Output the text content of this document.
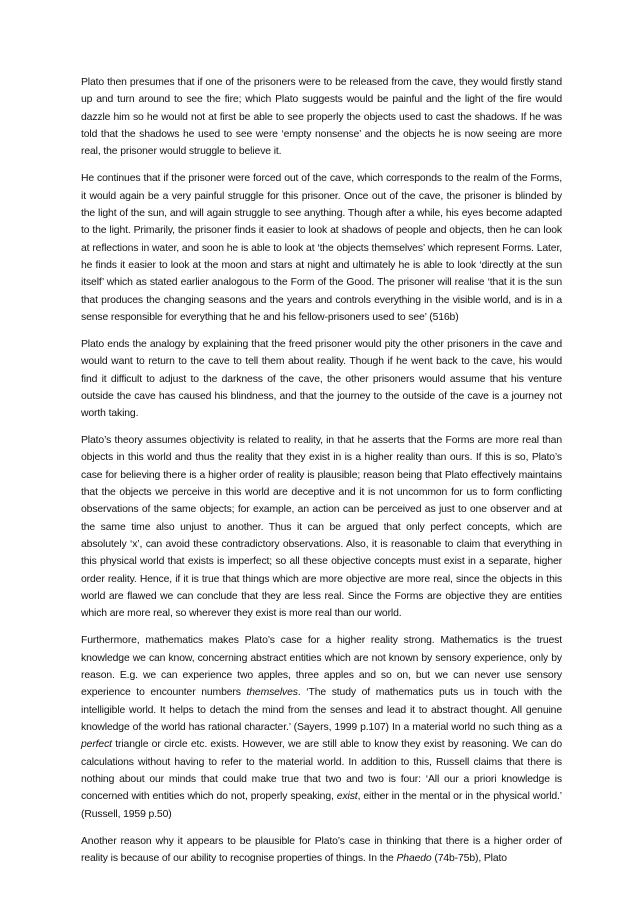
Plato then presumes that if one of the prisoners were to be released from the cave, they would firstly stand up and turn around to see the fire; which Plato suggests would be painful and the light of the fire would dazzle him so he would not at first be able to see properly the objects used to cast the shadows. If he was told that the shadows he used to see were ‘empty nonsense’ and the objects he is now seeing are more real, the prisoner would struggle to believe it.

He continues that if the prisoner were forced out of the cave, which corresponds to the realm of the Forms, it would again be a very painful struggle for this prisoner. Once out of the cave, the prisoner is blinded by the light of the sun, and will again struggle to see anything. Though after a while, his eyes become adapted to the light. Primarily, the prisoner finds it easier to look at shadows of people and objects, then he can look at reflections in water, and soon he is able to look at ‘the objects themselves’ which represent Forms. Later, he finds it easier to look at the moon and stars at night and ultimately he is able to look ‘directly at the sun itself’ which as stated earlier analogous to the Form of the Good. The prisoner will realise ‘that it is the sun that produces the changing seasons and the years and controls everything in the visible world, and is in a sense responsible for everything that he and his fellow-prisoners used to see’ (516b)

Plato ends the analogy by explaining that the freed prisoner would pity the other prisoners in the cave and would want to return to the cave to tell them about reality. Though if he went back to the cave, his would find it difficult to adjust to the darkness of the cave, the other prisoners would assume that his venture outside the cave has caused his blindness, and that the journey to the outside of the cave is a journey not worth taking.

Plato’s theory assumes objectivity is related to reality, in that he asserts that the Forms are more real than objects in this world and thus the reality that they exist in is a higher reality than ours. If this is so, Plato’s case for believing there is a higher order of reality is plausible; reason being that Plato effectively maintains that the objects we perceive in this world are deceptive and it is not uncommon for us to form conflicting observations of the same objects; for example, an action can be perceived as just to one observer and at the same time also unjust to another. Thus it can be argued that only perfect concepts, which are absolutely ‘x’, can avoid these contradictory observations. Also, it is reasonable to claim that everything in this physical world that exists is imperfect; so all these objective concepts must exist in a separate, higher order reality. Hence, if it is true that things which are more objective are more real, since the objects in this world are flawed we can conclude that they are less real. Since the Forms are objective they are entities which are more real, so wherever they exist is more real than our world.

Furthermore, mathematics makes Plato’s case for a higher reality strong. Mathematics is the truest knowledge we can know, concerning abstract entities which are not known by sensory experience, only by reason. E.g. we can experience two apples, three apples and so on, but we can never use sensory experience to encounter numbers themselves. ‘The study of mathematics puts us in touch with the intelligible world. It helps to detach the mind from the senses and lead it to abstract thought. All genuine knowledge of the world has rational character.’ (Sayers, 1999 p.107) In a material world no such thing as a perfect triangle or circle etc. exists. However, we are still able to know they exist by reasoning. We can do calculations without having to refer to the material world. In addition to this, Russell claims that there is nothing about our minds that could make true that two and two is four: ‘All our a priori knowledge is concerned with entities which do not, properly speaking, exist, either in the mental or in the physical world.’ (Russell, 1959 p.50)

Another reason why it appears to be plausible for Plato’s case in thinking that there is a higher order of reality is because of our ability to recognise properties of things. In the Phaedo (74b-75b), Plato
